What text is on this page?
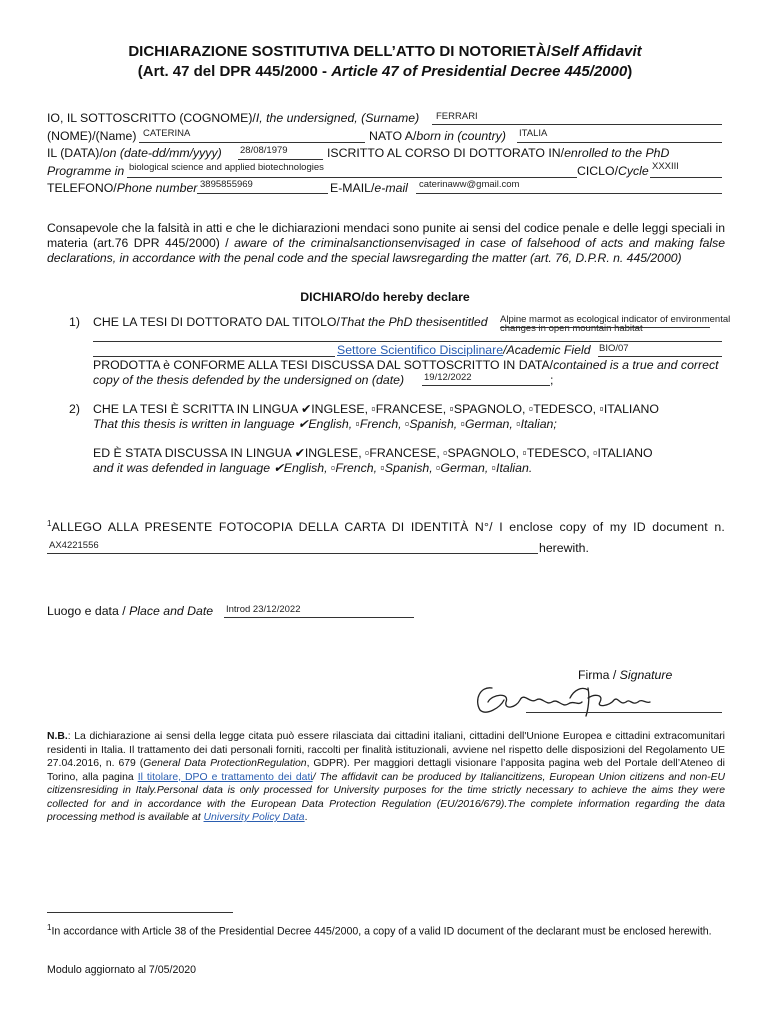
DICHIARAZIONE SOSTITUTIVA DELL’ATTO DI NOTORIETÀ/Self Affidavit
(Art. 47 del DPR 445/2000 - Article 47 of Presidential Decree 445/2000)
IO, IL SOTTOSCRITTO (COGNOME)/I, the undersigned, (Surname) FERRARI
(NOME)/(Name) CATERINA	NATO A/born in (country) ITALIA
IL (DATA)/on (date-dd/mm/yyyy) 28/08/1979	ISCRITTO AL CORSO DI DOTTORATO IN/enrolled to the PhD
Programme in biological science and applied biotechnologies	CICLO/Cycle XXXIII
TELEFONO/Phone number 3895855969	E-MAIL/e-mail caterinaww@gmail.com
Consapevole che la falsità in atti e che le dichiarazioni mendaci sono punite ai sensi del codice penale e delle leggi speciali in materia (art.76 DPR 445/2000) / aware of the criminalsanctionsenvisaged in case of falsehood of acts and making false declarations, in accordance with the penal code and the special lawsregarding the matter (art. 76, D.P.R. n. 445/2000)
DICHIARO/do hereby declare
1) CHE LA TESI DI DOTTORATO DAL TITOLO/That the PhD thesisentitled Alpine marmot as ecological indicator of environmental
changes in open mountain habitat
Settore Scientifico Disciplinare/Academic Field BIO/07
PRODOTTA è CONFORME ALLA TESI DISCUSSA DAL SOTTOSCRITTO IN DATA/contained is a true and correct
copy of the thesis defended by the undersigned on (date) 19/12/2022	;
2) CHE LA TESI È SCRITTA IN LINGUA ✔INGLESE, ▫FRANCESE, ▫SPAGNOLO, ▫TEDESCO, ▫ITALIANO
That this thesis is written in language ✔English, ▫French, ▫Spanish, ▫German, ▫Italian;
ED È STATA DISCUSSA IN LINGUA ✔INGLESE, ▫FRANCESE, ▫SPAGNOLO, ▫TEDESCO, ▫ITALIANO
and it was defended in language ✔English, ▫French, ▫Spanish, ▫German, ▫Italian.
$^1$ALLEGO ALLA PRESENTE FOTOCOPIA DELLA CARTA DI IDENTITÀ N°/ I enclose copy of my ID document n.
AX4221556	herewith.
Luogo e data / Place and Date Introd 23/12/2022
Firma / Signature
N.B.: La dichiarazione ai sensi della legge citata può essere rilasciata dai cittadini italiani, cittadini dell'Unione Europea e cittadini extracomunitari residenti in Italia. Il trattamento dei dati personali forniti, raccolti per finalità istituzionali, avviene nel rispetto delle disposizioni del Regolamento UE 27.04.2016, n. 679 (General Data ProtectionRegulation, GDPR). Per maggiori dettagli visionare l’apposita pagina web del Portale dell’Ateneo di Torino, alla pagina Il titolare, DPO e trattamento dei dati/ The affidavit can be produced by Italiancitizens, European Union citizens and non-EU citizensresiding in Italy.Personal data is only processed for University purposes for the time strictly necessary to achieve the aims they were collected for and in accordance with the European Data Protection Regulation (EU/2016/679).The complete information regarding the data processing method is available at University Policy Data.
$^1$In accordance with Article 38 of the Presidential Decree 445/2000, a copy of a valid ID document of the declarant must be enclosed herewith.
Modulo aggiornato al 7/05/2020
